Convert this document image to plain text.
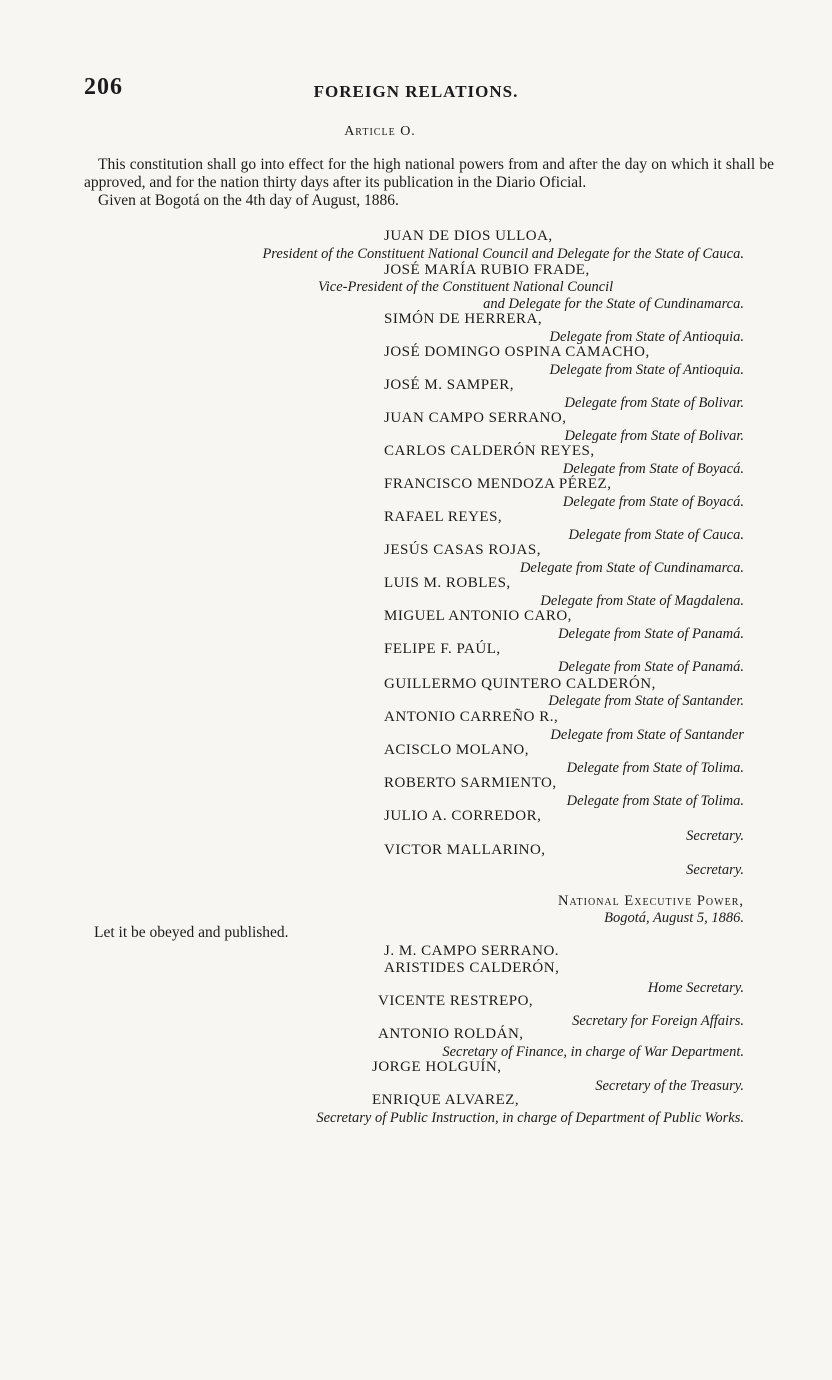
206	FOREIGN RELATIONS.
Article O.

This constitution shall go into effect for the high national powers from and after the day on which it shall be approved, and for the nation thirty days after its publication in the Diario Oficial.

Given at Bogotá on the 4th day of August, 1886.

JUAN DE DIOS ULLOA,
President of the Constituent National Council and Delegate for the State of Cauca.
JOSÉ MARÍA RUBIO FRADE,
Vice-President of the Constituent National Council
and Delegate for the State of Cundinamarca.
SIMÓN DE HERRERA,
Delegate from State of Antioquia.
JOSÉ DOMINGO OSPINA CAMACHO,
Delegate from State of Antioquia.
JOSÉ M. SAMPER,
Delegate from State of Bolivar.
JUAN CAMPO SERRANO,
Delegate from State of Bolivar.
CARLOS CALDERÓN REYES,
Delegate from State of Boyacá.
FRANCISCO MENDOZA PÉREZ,
Delegate from State of Boyacá.
RAFAEL REYES,
Delegate from State of Cauca.
JESÚS CASAS ROJAS,
Delegate from State of Cundinamarca.
LUIS M. ROBLES,
Delegate from State of Magdalena.
MIGUEL ANTONIO CARO,
Delegate from State of Panamá.
FELIPE F. PAÚL,
Delegate from State of Panamá.
GUILLERMO QUINTERO CALDERÓN,
Delegate from State of Santander.
ANTONIO CARREÑO R.,
Delegate from State of Santander
ACISCLO MOLANO,
Delegate from State of Tolima.
ROBERTO SARMIENTO,
Delegate from State of Tolima.
JULIO A. CORREDOR,
Secretary.
VICTOR MALLARINO,
Secretary.
National Executive Power,
Bogotá, August 5, 1886.
Let it be obeyed and published.
J. M. CAMPO SERRANO.
ARISTIDES CALDERÓN,
Home Secretary.
VICENTE RESTREPO,
Secretary for Foreign Affairs.
ANTONIO ROLDÁN,
Secretary of Finance, in charge of War Department.
JORGE HOLGUÍN,
Secretary of the Treasury.
ENRIQUE ALVAREZ,
Secretary of Public Instruction, in charge of Department of Public Works.
